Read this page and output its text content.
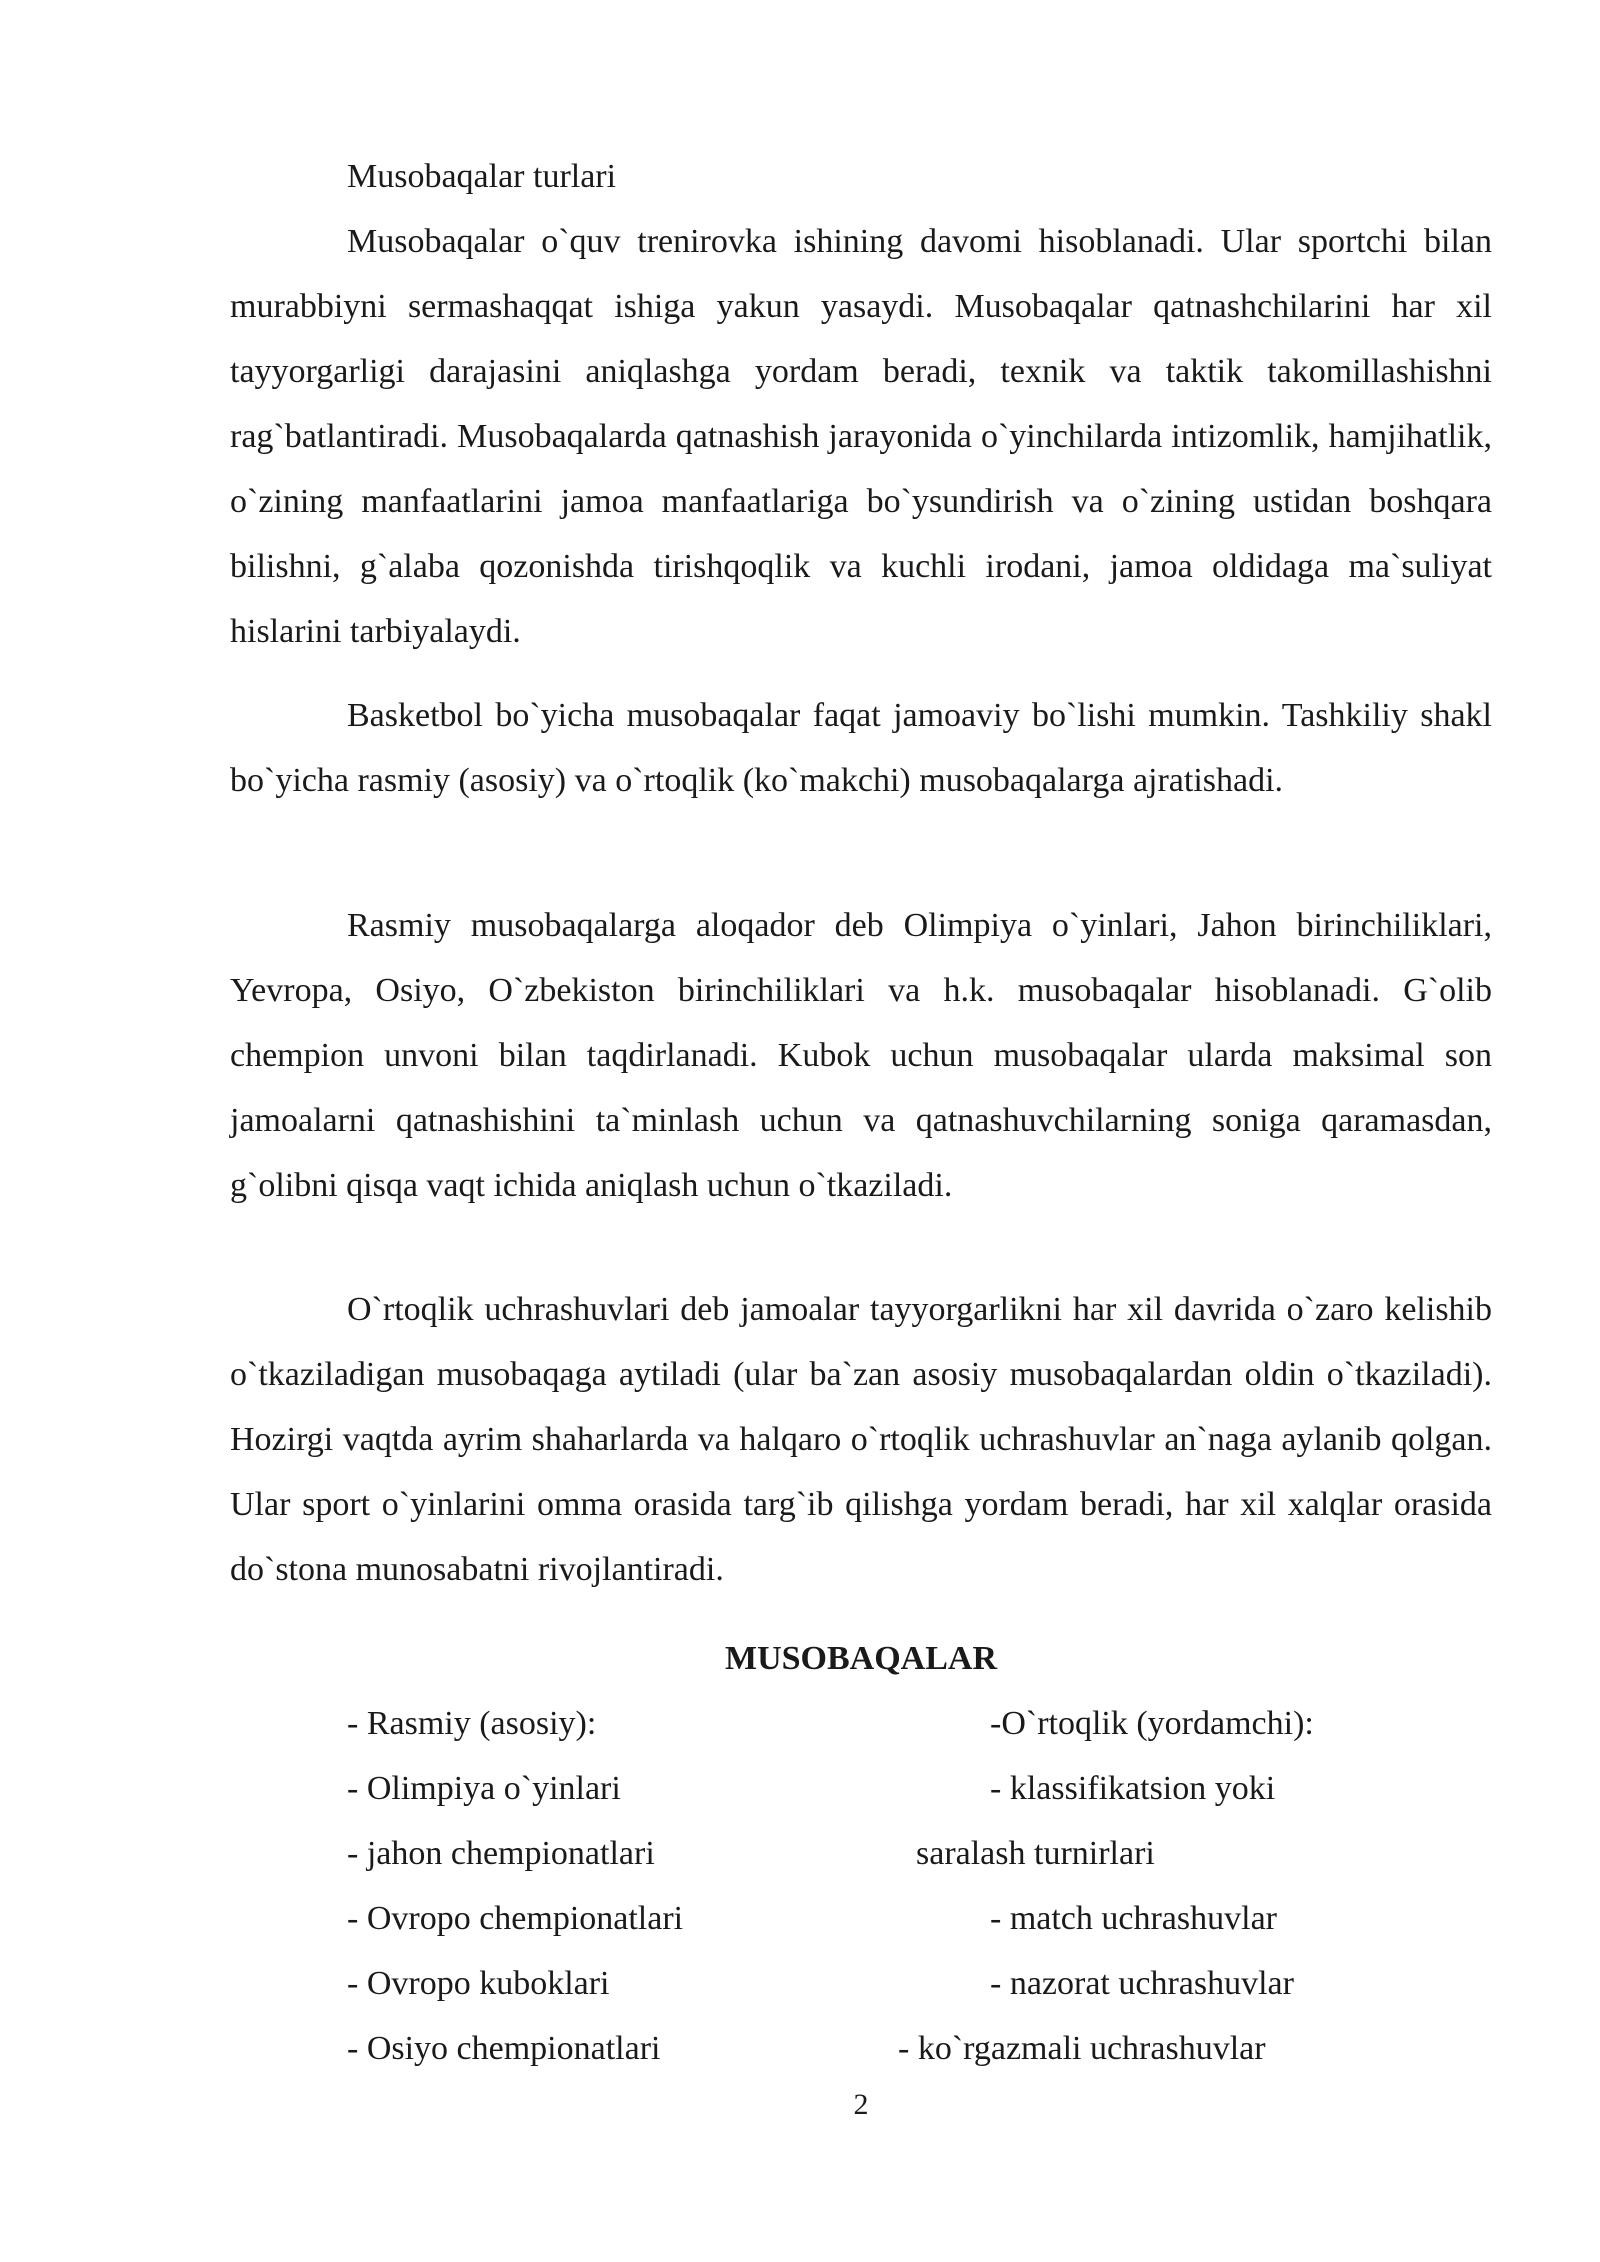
Musobaqalar turlari

Musobaqalar o`quv trenirovka ishining davomi hisoblanadi. Ular sportchi bilan murabbiyni sermashaqqat ishiga yakun yasaydi. Musobaqalar qatnashchilarini har xil tayyorgarligi darajasini aniqlashga yordam beradi, texnik va taktik takomillashishni rag`batlantiradi. Musobaqalarda qatnashish jarayonida o`yinchilarda intizomlik, hamjihatlik, o`zining manfaatlarini jamoa manfaatlariga bo`ysundirish va o`zining ustidan boshqara bilishni, g`alaba qozonishda tirishqoqlik va kuchli irodani, jamoa oldidaga ma`suliyat hislarini tarbiyalaydi.

Basketbol bo`yicha musobaqalar faqat jamoaviy bo`lishi mumkin. Tashkiliy shakl bo`yicha rasmiy (asosiy) va o`rtoqlik (ko`makchi) musobaqalarga ajratishadi.

Rasmiy musobaqalarga aloqador deb Olimpiya o`yinlari, Jahon birinchiliklari, Yevropa, Osiyo, O`zbekiston birinchiliklari va h.k. musobaqalar hisoblanadi. G`olib chempion unvoni bilan taqdirlanadi. Kubok uchun musobaqalar ularda maksimal son jamoalarni qatnashishini ta`minlash uchun va qatnashuvchilarning soniga qaramasdan, g`olibni qisqa vaqt ichida aniqlash uchun o`tkaziladi.

O`rtoqlik uchrashuvlari deb jamoalar tayyorgarlikni har xil davrida o`zaro kelishib o`tkaziladigan musobaqaga aytiladi (ular ba`zan asosiy musobaqalardan oldin o`tkaziladi). Hozirgi vaqtda ayrim shaharlarda va halqaro o`rtoqlik uchrashuvlar an`naga aylanib qolgan. Ular sport o`yinlarini omma orasida targ`ib qilishga yordam beradi, har xil xalqlar orasida do`stona munosabatni rivojlantiradi.

MUSOBAQALAR
- Rasmiy (asosiy):
- Olimpiya o`yinlari
- jahon chempionatlari
- Ovropo chempionatlari
- Ovropo kuboklari
- Osiyo chempionatlari
-O`rtoqlik (yordamchi):
- klassifikatsion yoki
saralash turnirlari
- match uchrashuvlar
- nazorat uchrashuvlar
- ko`rgazmali uchrashuvlar
2
